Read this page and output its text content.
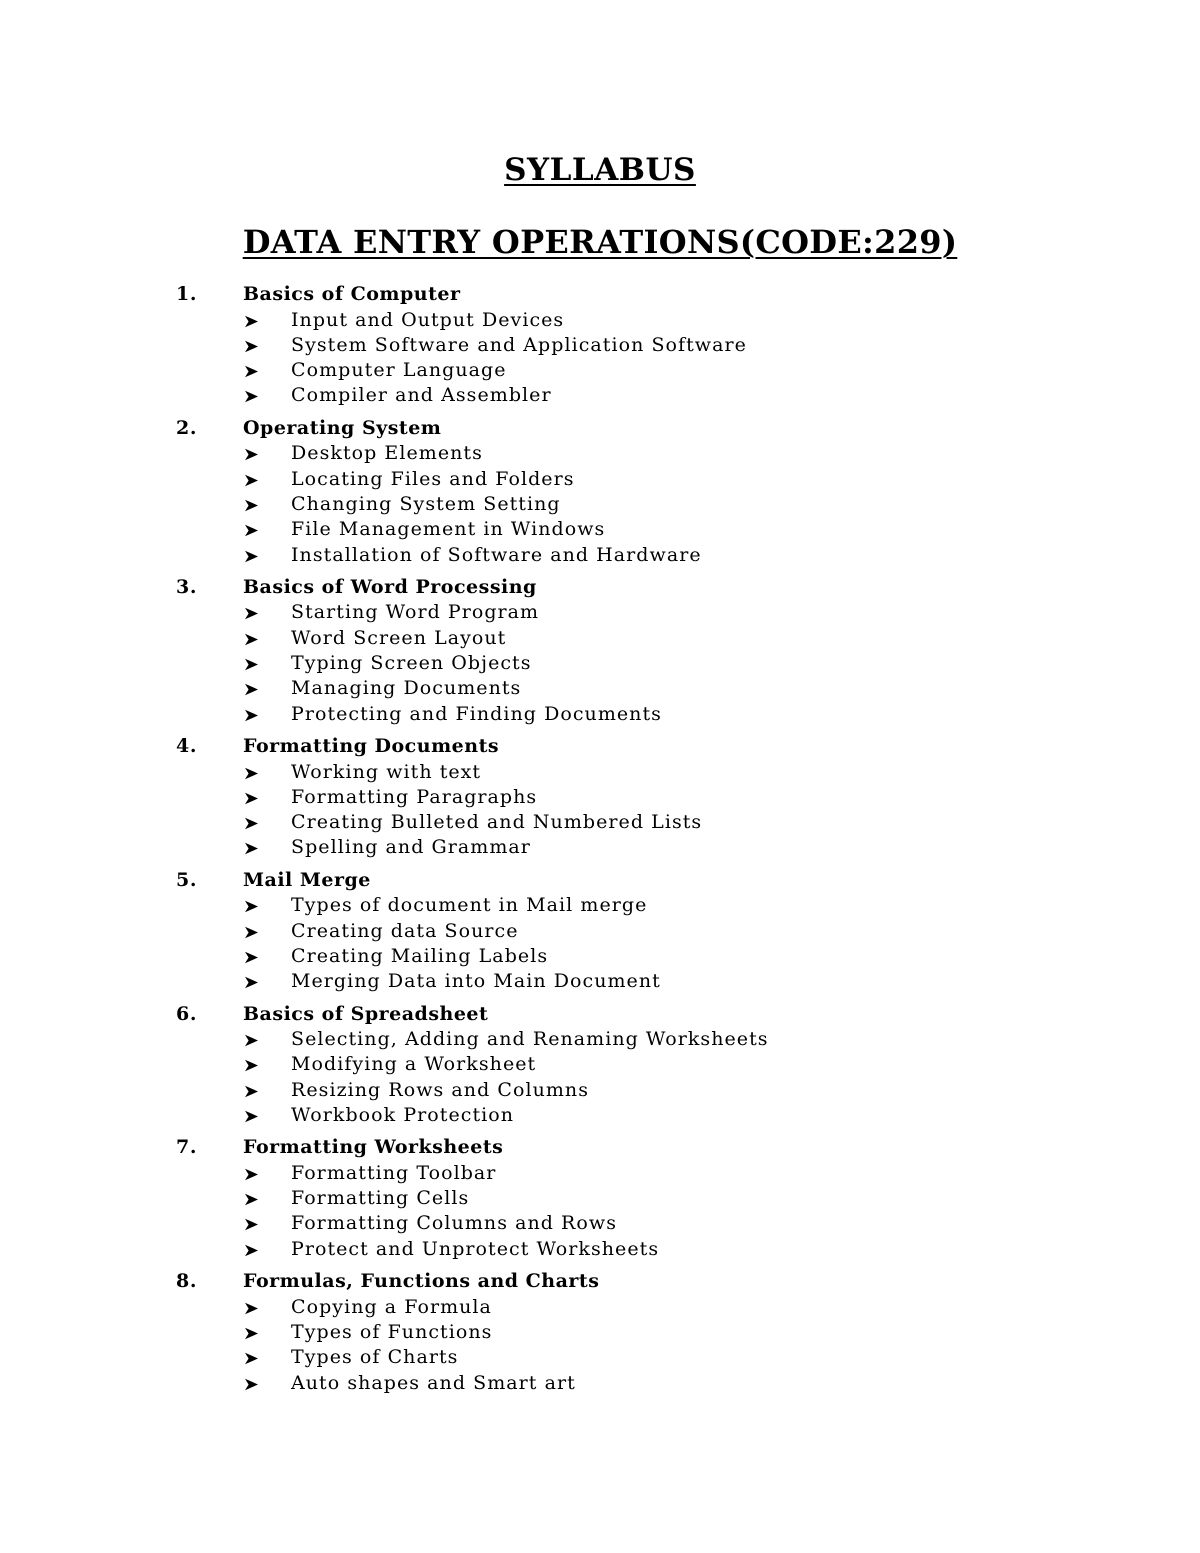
SYLLABUS
DATA ENTRY OPERATIONS(CODE:229)
1. Basics of Computer
Input and Output Devices
System Software and Application Software
Computer Language
Compiler and Assembler
2. Operating System
Desktop Elements
Locating Files and Folders
Changing System Setting
File Management in Windows
Installation of Software and Hardware
3. Basics of Word Processing
Starting Word Program
Word Screen Layout
Typing Screen Objects
Managing Documents
Protecting and Finding Documents
4. Formatting Documents
Working with text
Formatting Paragraphs
Creating Bulleted and Numbered Lists
Spelling and Grammar
5. Mail Merge
Types of document in Mail merge
Creating data Source
Creating Mailing Labels
Merging Data into Main Document
6. Basics of Spreadsheet
Selecting, Adding and Renaming Worksheets
Modifying a Worksheet
Resizing Rows and Columns
Workbook Protection
7. Formatting Worksheets
Formatting Toolbar
Formatting Cells
Formatting Columns and Rows
Protect and Unprotect Worksheets
8. Formulas, Functions and Charts
Copying a Formula
Types of Functions
Types of Charts
Auto shapes and Smart art
